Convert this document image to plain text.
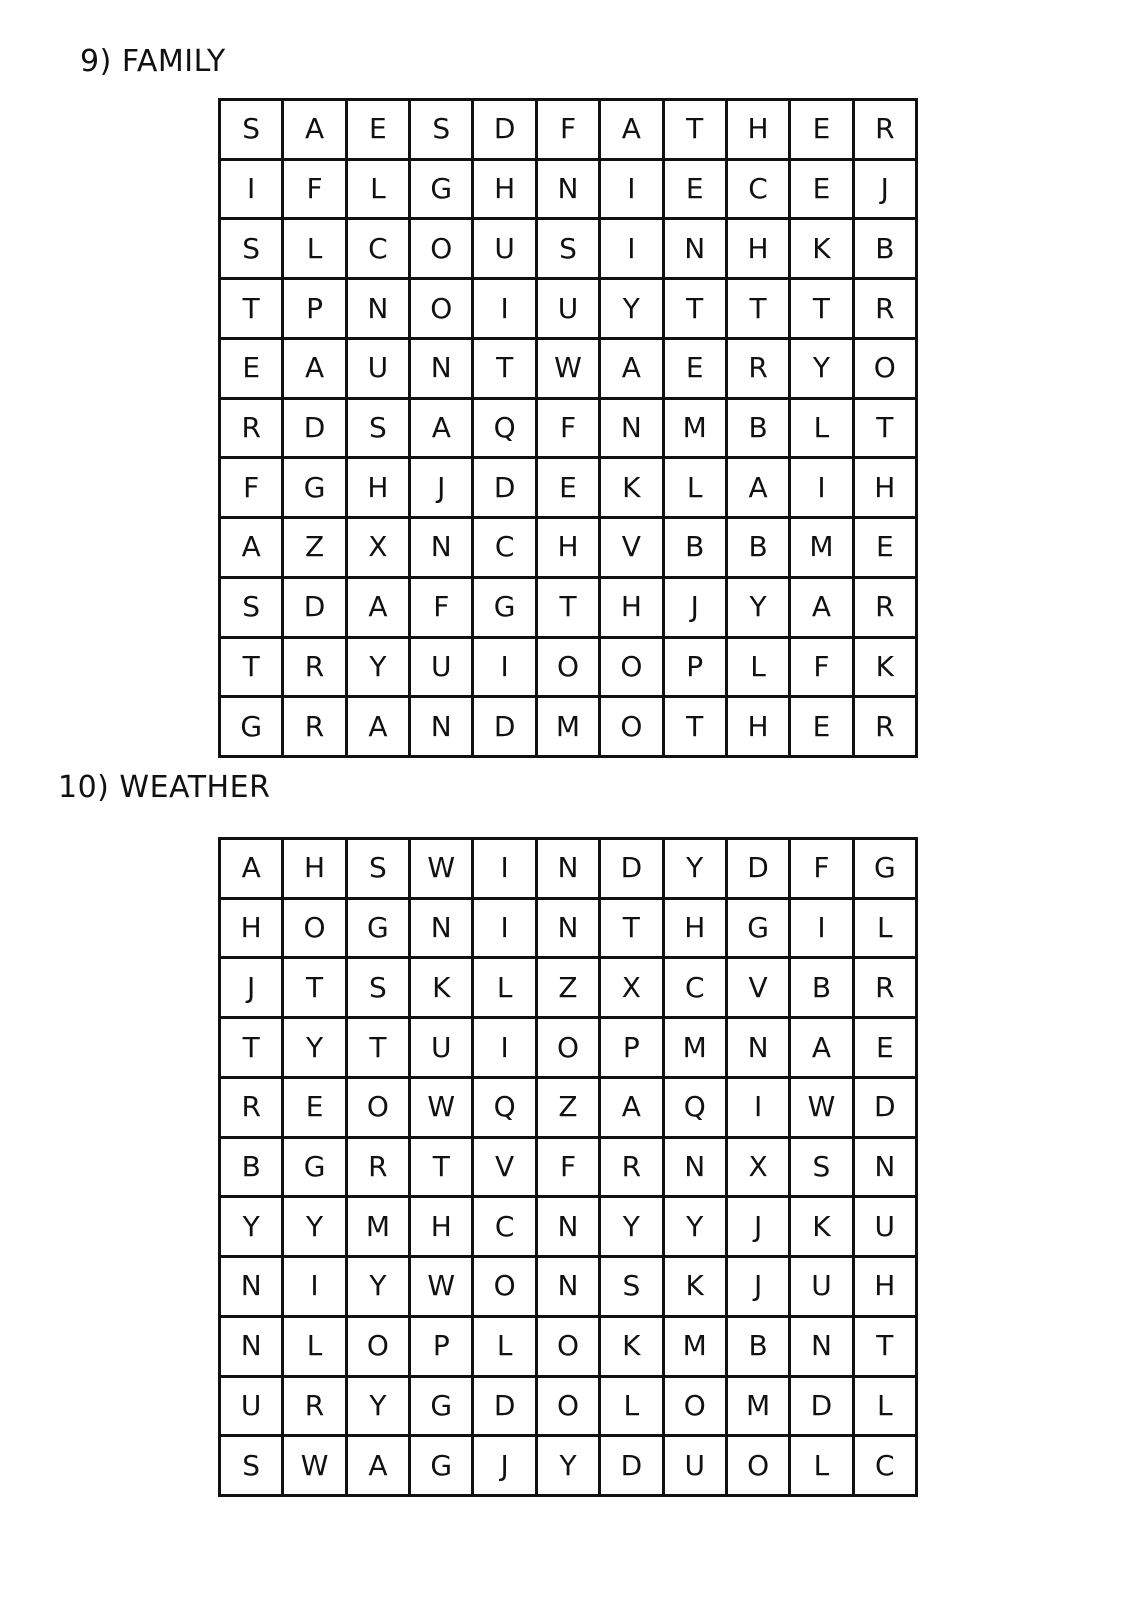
9) FAMILY
S	A	E	S	D	F	A	T	H	E	R
I	F	L	G	H	N	I	E	C	E	J
S	L	C	O	U	S	I	N	H	K	B
T	P	N	O	I	U	Y	T	T	T	R
E	A	U	N	T	W	A	E	R	Y	O
R	D	S	A	Q	F	N	M	B	L	T
F	G	H	J	D	E	K	L	A	I	H
A	Z	X	N	C	H	V	B	B	M	E
S	D	A	F	G	T	H	J	Y	A	R
T	R	Y	U	I	O	O	P	L	F	K
G	R	A	N	D	M	O	T	H	E	R
10) WEATHER
A	H	S	W	I	N	D	Y	D	F	G
H	O	G	N	I	N	T	H	G	I	L
J	T	S	K	L	Z	X	C	V	B	R
T	Y	T	U	I	O	P	M	N	A	E
R	E	O	W	Q	Z	A	Q	I	W	D
B	G	R	T	V	F	R	N	X	S	N
Y	Y	M	H	C	N	Y	Y	J	K	U
N	I	Y	W	O	N	S	K	J	U	H
N	L	O	P	L	O	K	M	B	N	T
U	R	Y	G	D	O	L	O	M	D	L
S	W	A	G	J	Y	D	U	O	L	C
